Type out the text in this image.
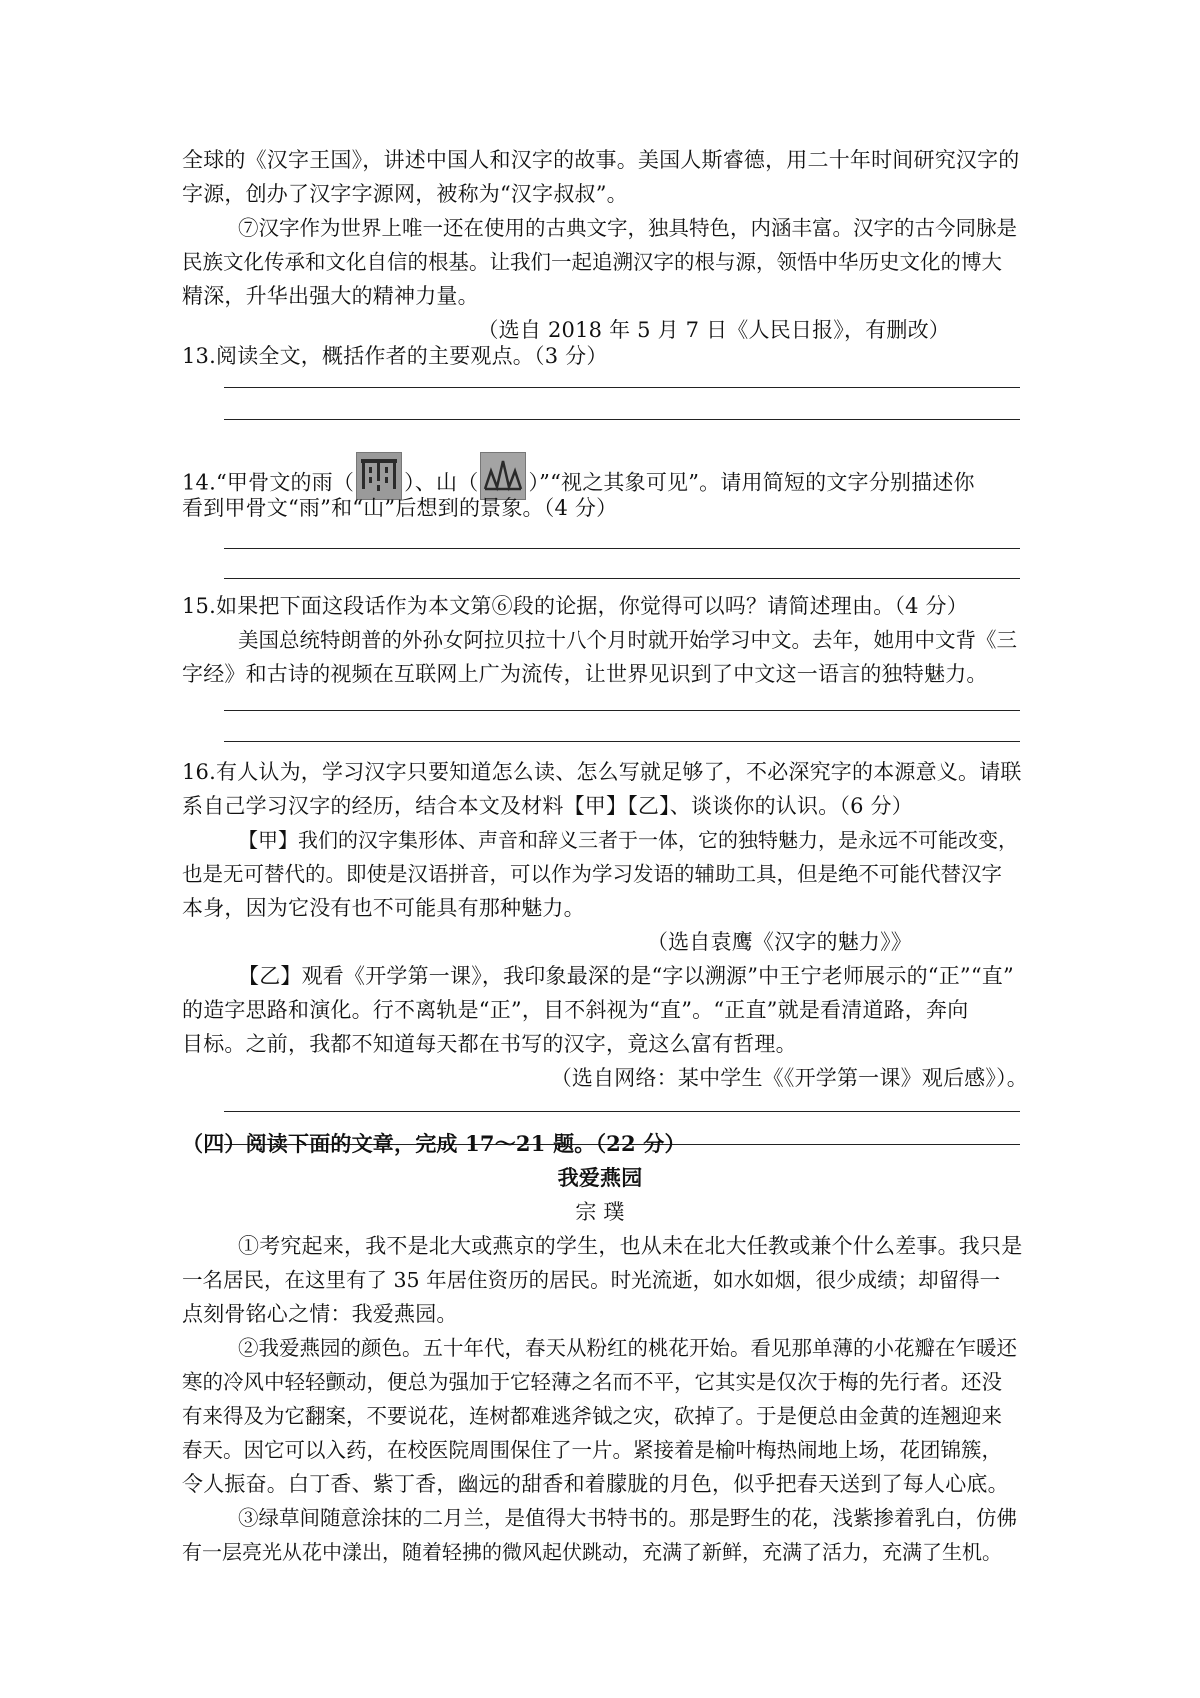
全球的《汉字王国》，讲述中国人和汉字的故事。美国人斯睿德，用二十年时间研究汉字的
字源，创办了汉字字源网，被称为“汉字叔叔”。
⑦汉字作为世界上唯一还在使用的古典文字，独具特色，内涵丰富。汉字的古今同脉是
民族文化传承和文化自信的根基。让我们一起追溯汉字的根与源，领悟中华历史文化的博大
精深，升华出强大的精神力量。
（选自 2018 年 5 月 7 日《人民日报》，有删改）
13.阅读全文，概括作者的主要观点。（3 分）
14.“甲骨文的雨（ ）、山（ ）”“视之其象可见”。请用简短的文字分别描述你
看到甲骨文“雨”和“山”后想到的景象。（4 分）
15.如果把下面这段话作为本文第⑥段的论据，你觉得可以吗？请简述理由。（4 分）
美国总统特朗普的外孙女阿拉贝拉十八个月时就开始学习中文。去年，她用中文背《三
字经》和古诗的视频在互联网上广为流传，让世界见识到了中文这一语言的独特魅力。
16.有人认为，学习汉字只要知道怎么读、怎么写就足够了，不必深究字的本源意义。请联
系自己学习汉字的经历，结合本文及材料【甲】【乙】、谈谈你的认识。（6 分）
【甲】我们的汉字集形体、声音和辞义三者于一体，它的独特魅力，是永远不可能改变，
也是无可替代的。即使是汉语拼音，可以作为学习发语的辅助工具，但是绝不可能代替汉字
本身，因为它没有也不可能具有那种魅力。
（选自袁鹰《汉字的魅力》》
【乙】观看《开学第一课》，我印象最深的是“字以溯源”中王宁老师展示的“正”“直”
的造字思路和演化。行不离轨是“正”，目不斜视为“直”。“正直”就是看清道路，奔向
目标。之前，我都不知道每天都在书写的汉字，竟这么富有哲理。
（选自网络：某中学生《《开学第一课》观后感》）。
（四）阅读下面的文章，完成 17～21 题。（22 分）
我爱燕园
宗 璞
①考究起来，我不是北大或燕京的学生，也从未在北大任教或兼个什么差事。我只是
一名居民，在这里有了 35 年居住资历的居民。时光流逝，如水如烟，很少成绩；却留得一
点刻骨铭心之情：我爱燕园。
②我爱燕园的颜色。五十年代，春天从粉红的桃花开始。看见那单薄的小花瓣在乍暖还
寒的冷风中轻轻颤动，便总为强加于它轻薄之名而不平，它其实是仅次于梅的先行者。还没
有来得及为它翻案，不要说花，连树都难逃斧钺之灾，砍掉了。于是便总由金黄的连翘迎来
春天。因它可以入药，在校医院周围保住了一片。紧接着是榆叶梅热闹地上场，花团锦簇，
令人振奋。白丁香、紫丁香，幽远的甜香和着朦胧的月色，似乎把春天送到了每人心底。
③绿草间随意涂抹的二月兰，是值得大书特书的。那是野生的花，浅紫掺着乳白，仿佛
有一层亮光从花中漾出，随着轻拂的微风起伏跳动，充满了新鲜，充满了活力，充满了生机。
